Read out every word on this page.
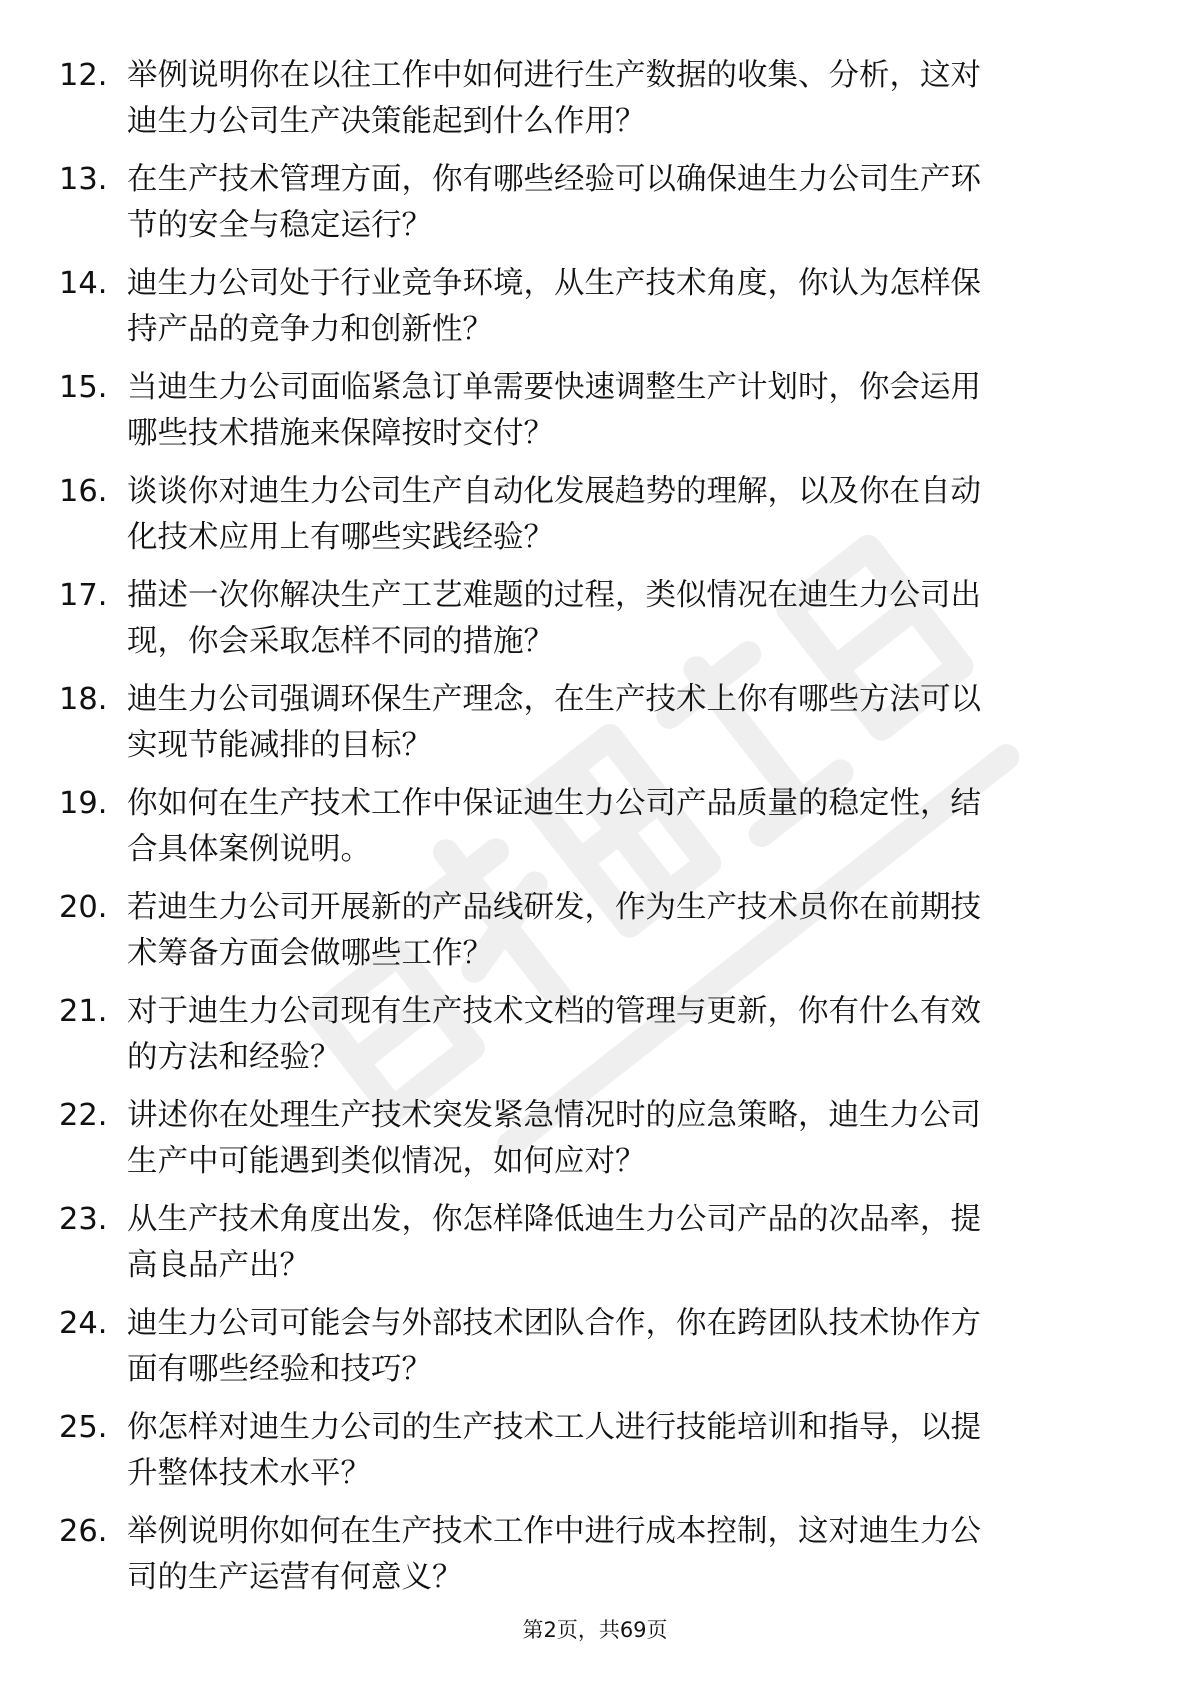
12. 举例说明你在以往工作中如何进行生产数据的收集、分析，这对
迪生力公司生产决策能起到什么作用？
13. 在生产技术管理方面，你有哪些经验可以确保迪生力公司生产环
节的安全与稳定运行？
14. 迪生力公司处于行业竞争环境，从生产技术角度，你认为怎样保
持产品的竞争力和创新性？
15. 当迪生力公司面临紧急订单需要快速调整生产计划时，你会运用
哪些技术措施来保障按时交付？
16. 谈谈你对迪生力公司生产自动化发展趋势的理解，以及你在自动
化技术应用上有哪些实践经验？
17. 描述一次你解决生产工艺难题的过程，类似情况在迪生力公司出
现，你会采取怎样不同的措施？
18. 迪生力公司强调环保生产理念，在生产技术上你有哪些方法可以
实现节能减排的目标？
19. 你如何在生产技术工作中保证迪生力公司产品质量的稳定性，结
合具体案例说明。
20. 若迪生力公司开展新的产品线研发，作为生产技术员你在前期技
术筹备方面会做哪些工作？
21. 对于迪生力公司现有生产技术文档的管理与更新，你有什么有效
的方法和经验？
22. 讲述你在处理生产技术突发紧急情况时的应急策略，迪生力公司
生产中可能遇到类似情况，如何应对？
23. 从生产技术角度出发，你怎样降低迪生力公司产品的次品率，提
高良品产出？
24. 迪生力公司可能会与外部技术团队合作，你在跨团队技术协作方
面有哪些经验和技巧？
25. 你怎样对迪生力公司的生产技术工人进行技能培训和指导，以提
升整体技术水平？
26. 举例说明你如何在生产技术工作中进行成本控制，这对迪生力公
司的生产运营有何意义？
第2页，共69页
